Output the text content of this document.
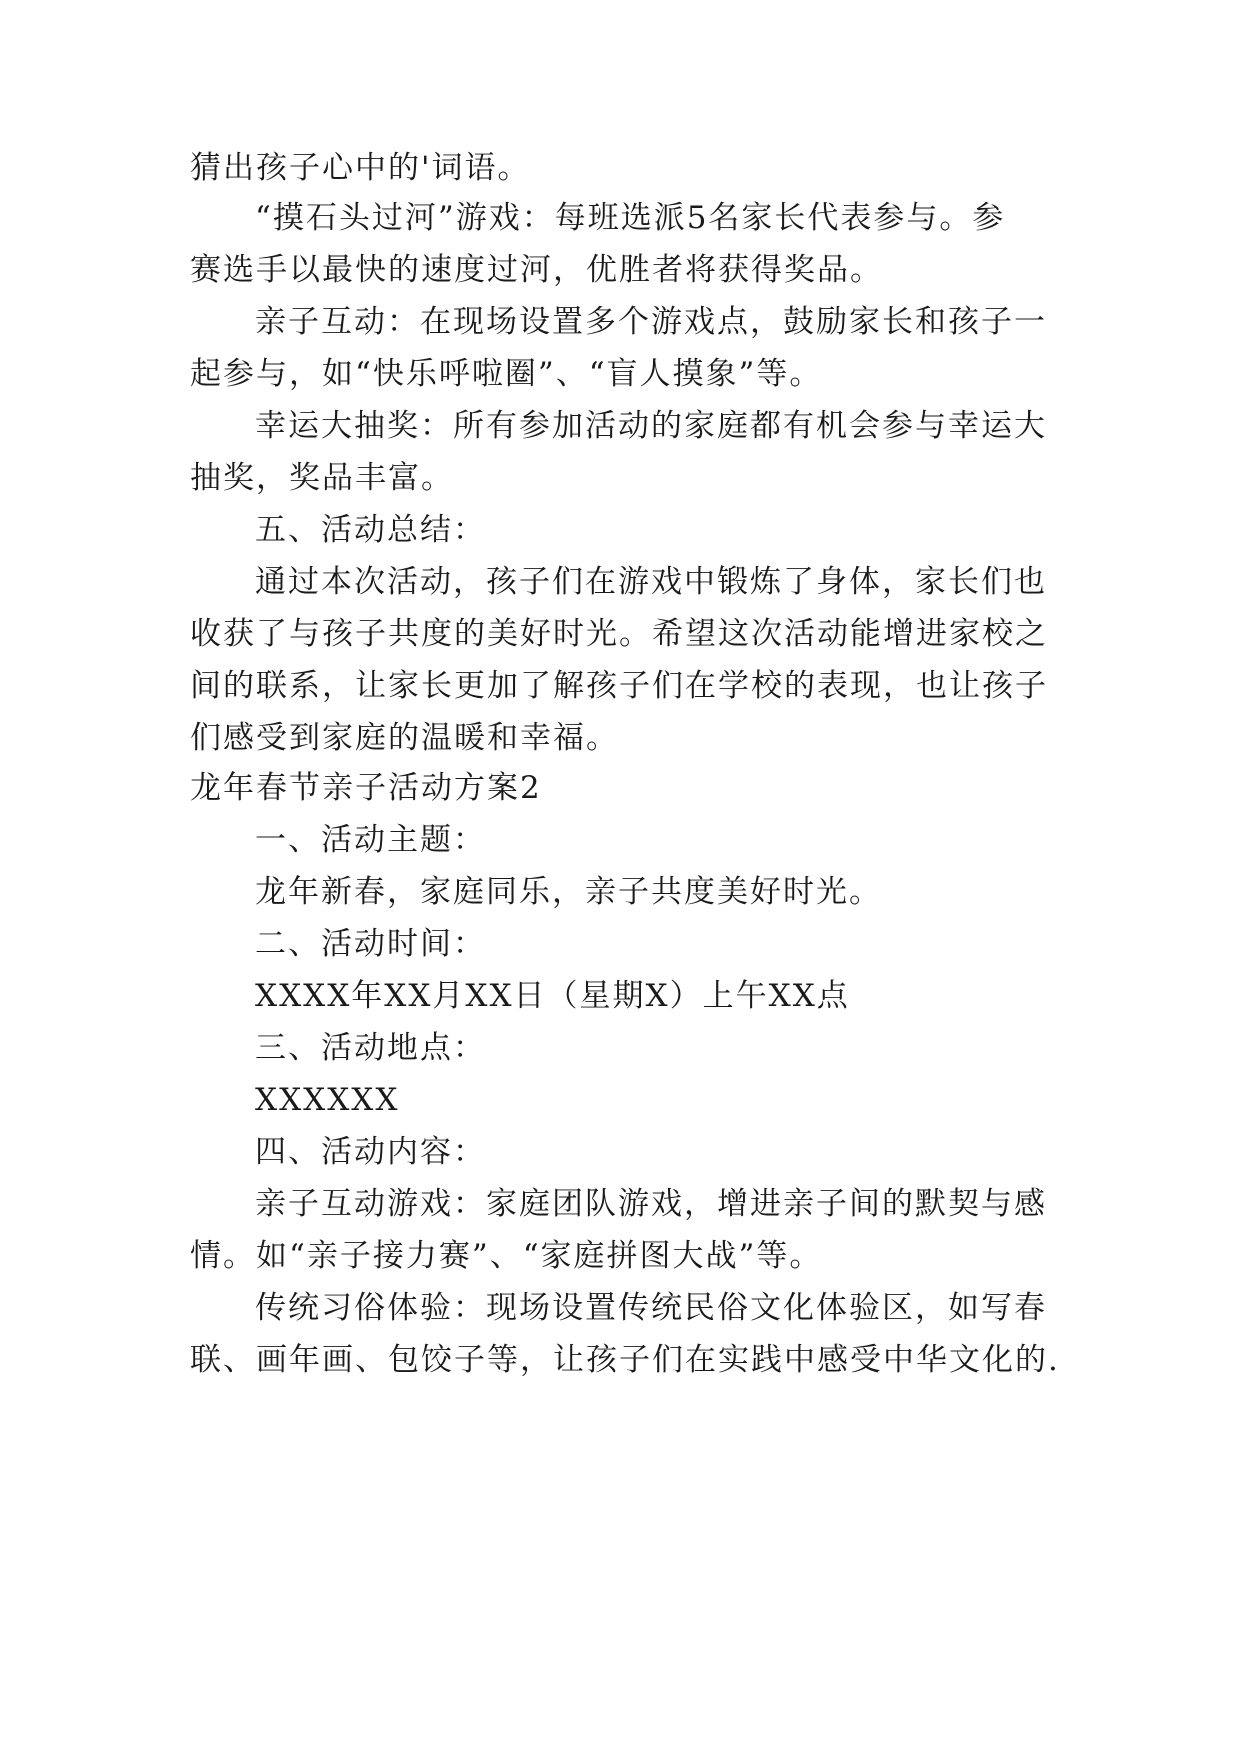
猜出孩子心中的'词语。
“摸石头过河”游戏：每班选派5名家长代表参与。参
赛选手以最快的速度过河，优胜者将获得奖品。
亲子互动：在现场设置多个游戏点，鼓励家长和孩子一
起参与，如“快乐呼啦圈”、“盲人摸象”等。
幸运大抽奖：所有参加活动的家庭都有机会参与幸运大
抽奖，奖品丰富。
五、活动总结：
通过本次活动，孩子们在游戏中锻炼了身体，家长们也
收获了与孩子共度的美好时光。希望这次活动能增进家校之
间的联系，让家长更加了解孩子们在学校的表现，也让孩子
们感受到家庭的温暖和幸福。
龙年春节亲子活动方案2
一、活动主题：
龙年新春，家庭同乐，亲子共度美好时光。
二、活动时间：
XXXX年XX月XX日（星期X）上午XX点
三、活动地点：
XXXXXX
四、活动内容：
亲子互动游戏：家庭团队游戏，增进亲子间的默契与感
情。如“亲子接力赛”、“家庭拼图大战”等。
传统习俗体验：现场设置传统民俗文化体验区，如写春
联、画年画、包饺子等，让孩子们在实践中感受中华文化的.
